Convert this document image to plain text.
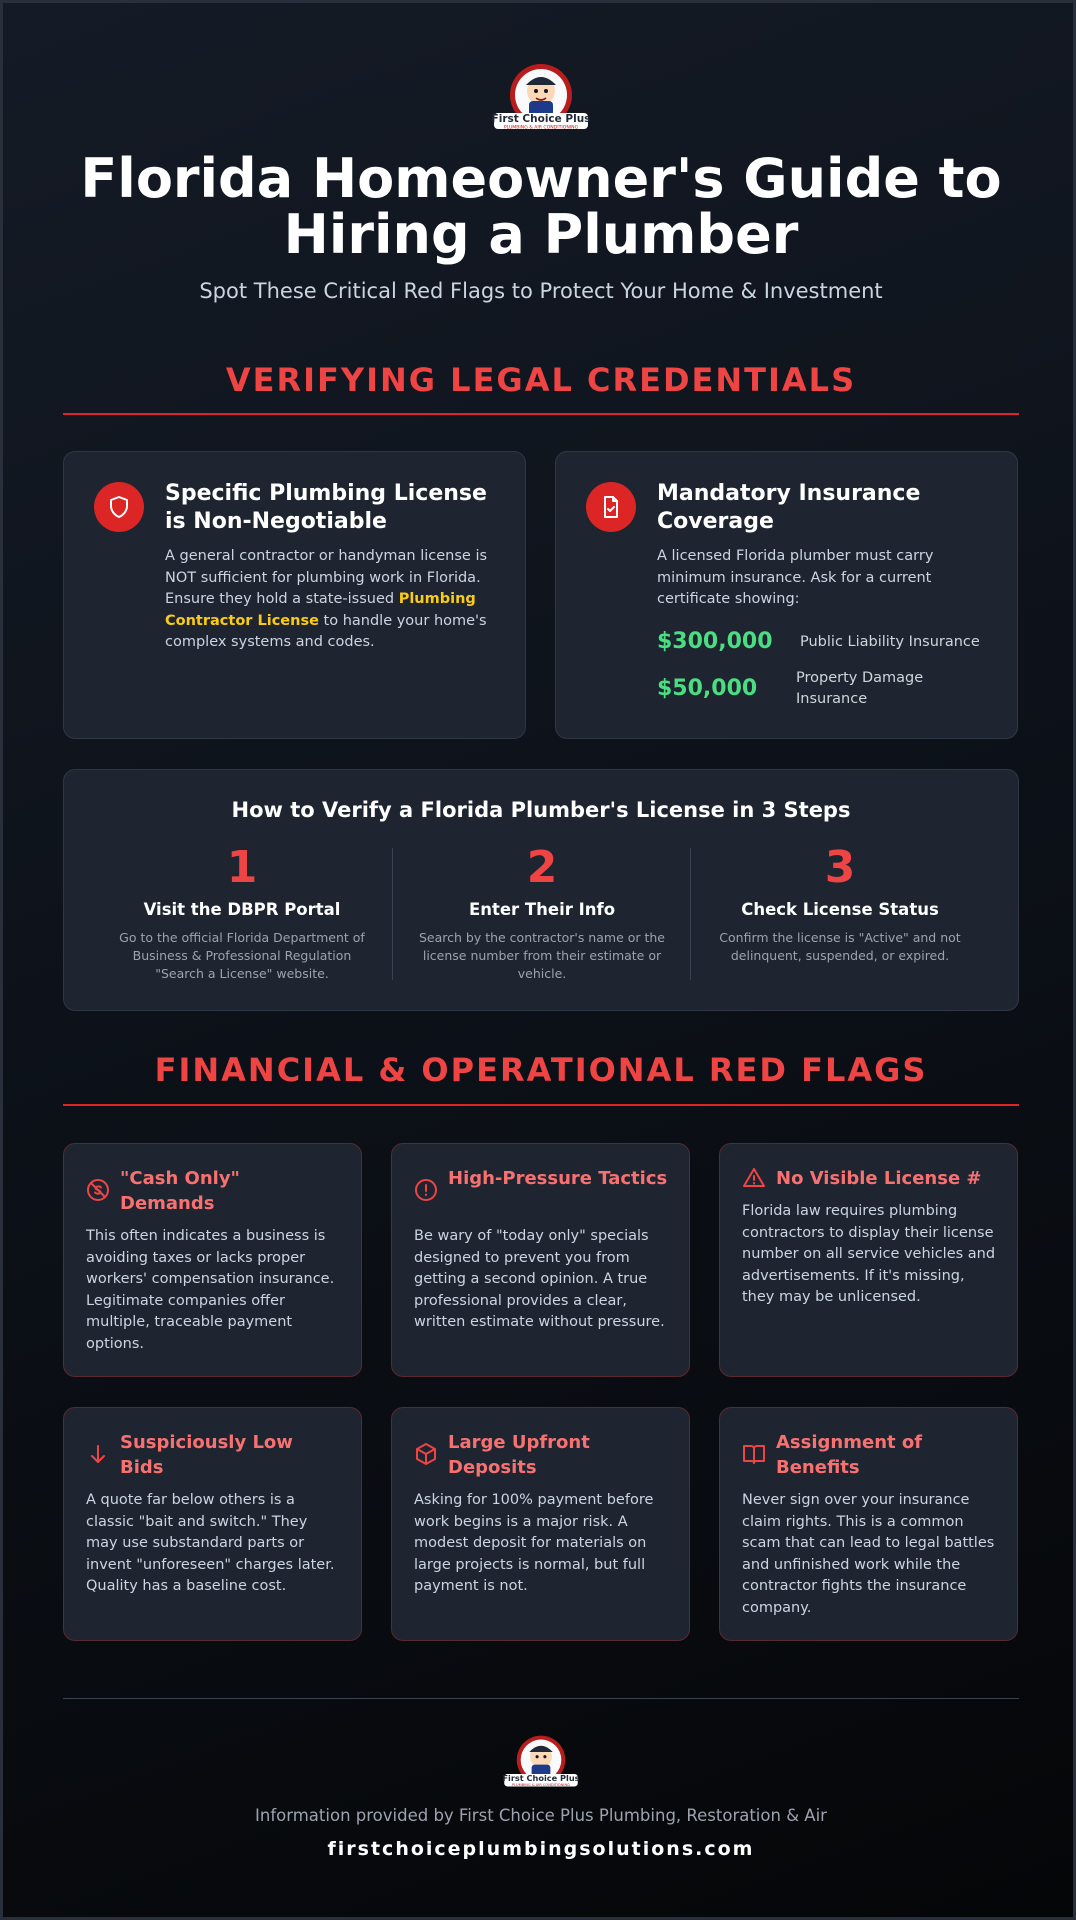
First Choice Plus
PLUMBING & AIR CONDITIONING
Florida Homeowner's Guide to
Hiring a Plumber
Spot These Critical Red Flags to Protect Your Home & Investment
VERIFYING LEGAL CREDENTIALS
Specific Plumbing License
is Non-Negotiable
A general contractor or handyman license is NOT sufficient for plumbing work in Florida. Ensure they hold a state-issued Plumbing Contractor License to handle your home's complex systems and codes.
Mandatory Insurance
Coverage
A licensed Florida plumber must carry minimum insurance. Ask for a current certificate showing:
$300,000 Public Liability Insurance
$50,000	Property Damage
Insurance
How to Verify a Florida Plumber's License in 3 Steps
1
Visit the DBPR Portal
Go to the official Florida Department of Business & Professional Regulation "Search a License" website.
2
Enter Their Info
Search by the contractor's name or the license number from their estimate or vehicle.
3
Check License Status
Confirm the license is "Active" and not delinquent, suspended, or expired.
FINANCIAL & OPERATIONAL RED FLAGS
"Cash Only" Demands
This often indicates a business is avoiding taxes or lacks proper workers' compensation insurance. Legitimate companies offer multiple, traceable payment options.
High-Pressure Tactics
Be wary of "today only" specials designed to prevent you from getting a second opinion. A true professional provides a clear, written estimate without pressure.
No Visible License #
Florida law requires plumbing contractors to display their license number on all service vehicles and advertisements. If it's missing, they may be unlicensed.
Suspiciously Low Bids
A quote far below others is a classic "bait and switch." They may use substandard parts or invent "unforeseen" charges later. Quality has a baseline cost.
Large Upfront Deposits
Asking for 100% payment before work begins is a major risk. A modest deposit for materials on large projects is normal, but full payment is not.
Assignment of Benefits
Never sign over your insurance claim rights. This is a common scam that can lead to legal battles and unfinished work while the contractor fights the insurance company.
First Choice Plus
PLUMBING & AIR CONDITIONING
Information provided by First Choice Plus Plumbing, Restoration & Air
firstchoiceplumbingsolutions.com
